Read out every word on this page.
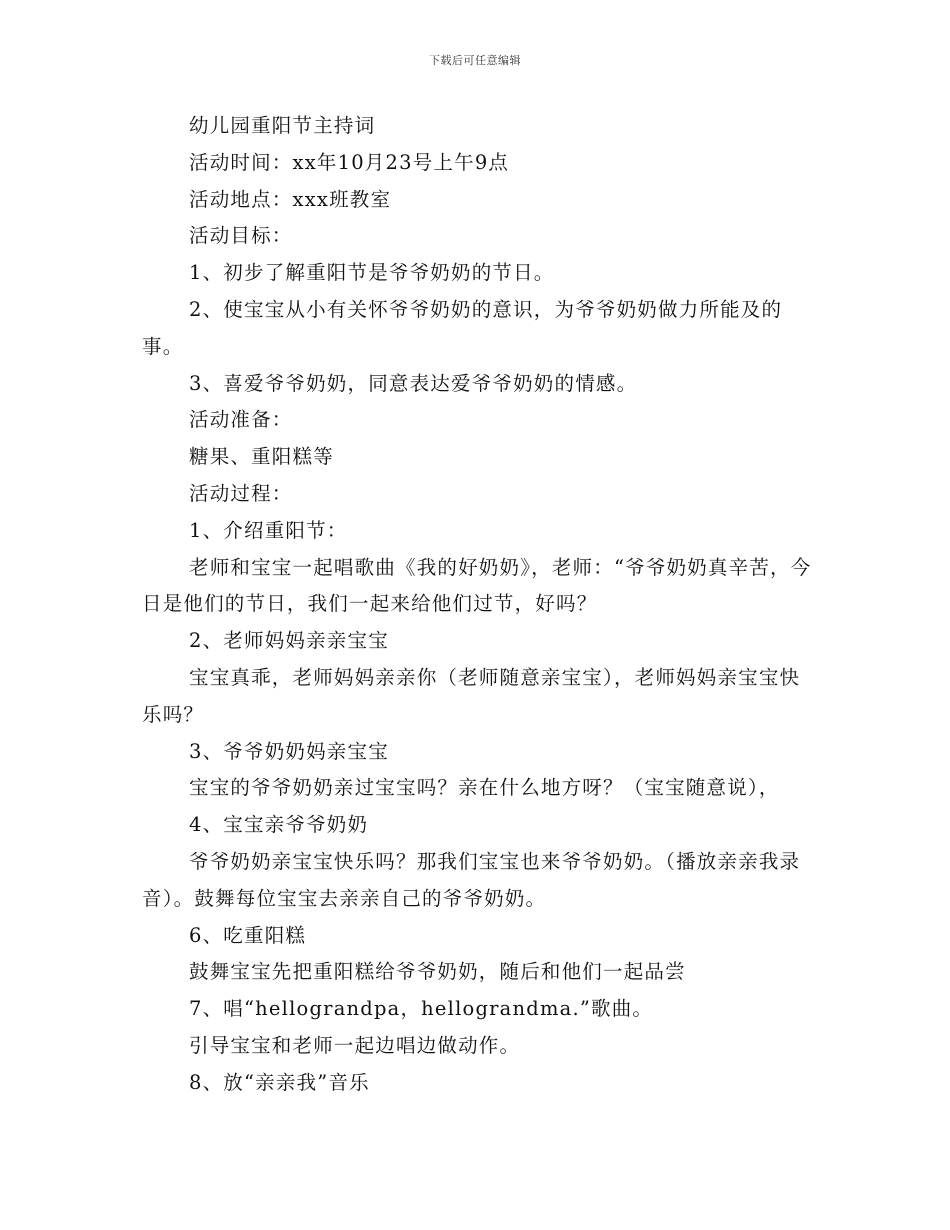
下载后可任意编辑

幼儿园重阳节主持词

活动时间：xx年10月23号上午9点

活动地点：xxx班教室

活动目标：

1、初步了解重阳节是爷爷奶奶的节日。

2、使宝宝从小有关怀爷爷奶奶的意识，为爷爷奶奶做力所能及的事。

3、喜爱爷爷奶奶，同意表达爱爷爷奶奶的情感。

活动准备：

糖果、重阳糕等

活动过程：

1、介绍重阳节：

老师和宝宝一起唱歌曲《我的好奶奶》，老师：“爷爷奶奶真辛苦，今日是他们的节日，我们一起来给他们过节，好吗？

2、老师妈妈亲亲宝宝

宝宝真乖，老师妈妈亲亲你（老师随意亲宝宝），老师妈妈亲宝宝快乐吗？

3、爷爷奶奶妈亲宝宝

宝宝的爷爷奶奶亲过宝宝吗？亲在什么地方呀？（宝宝随意说），

4、宝宝亲爷爷奶奶

爷爷奶奶亲宝宝快乐吗？那我们宝宝也来爷爷奶奶。（播放亲亲我录音）。鼓舞每位宝宝去亲亲自己的爷爷奶奶。

6、吃重阳糕

鼓舞宝宝先把重阳糕给爷爷奶奶，随后和他们一起品尝

7、唱“hellograndpa，hellograndma.”歌曲。

引导宝宝和老师一起边唱边做动作。

8、放“亲亲我”音乐
